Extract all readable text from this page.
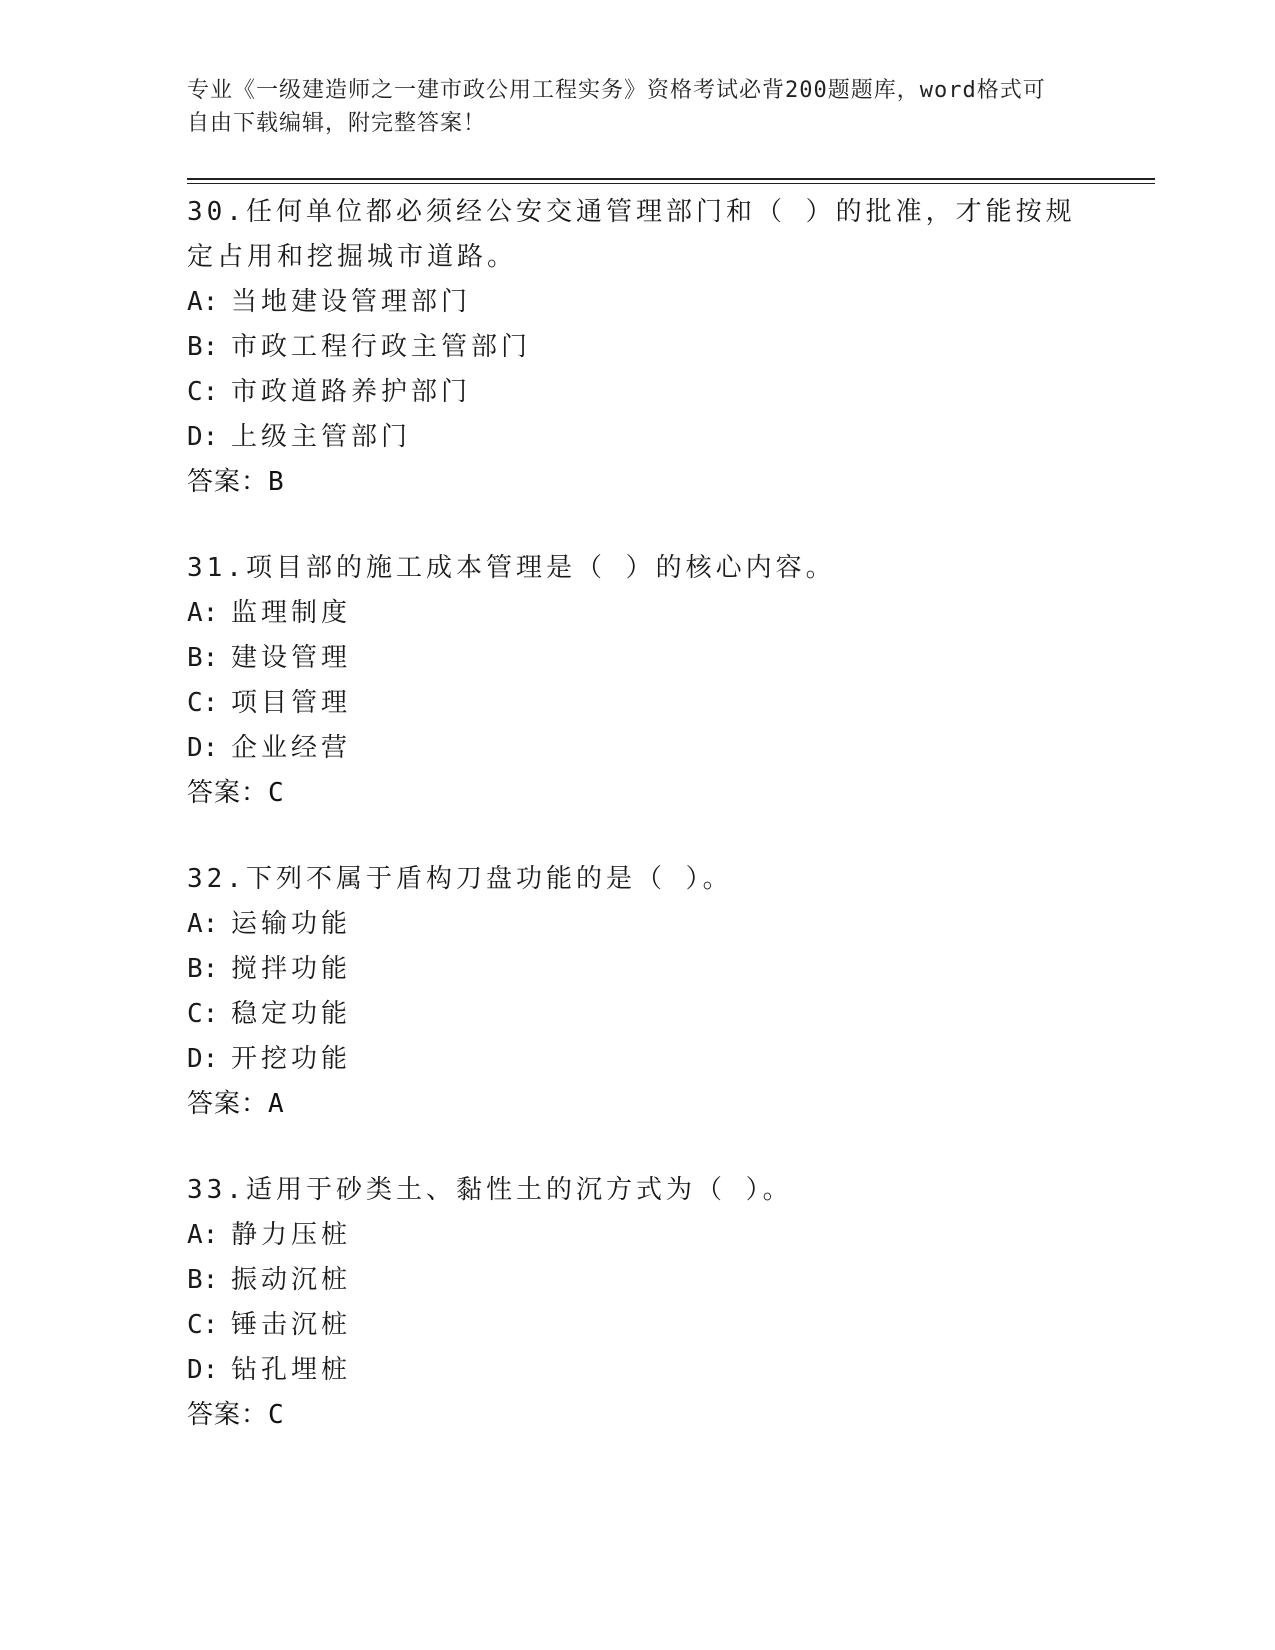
专业《一级建造师之一建市政公用工程实务》资格考试必背200题题库，word格式可自由下载编辑，附完整答案！
30.任何单位都必须经公安交通管理部门和（ ）的批准，才能按规定占用和挖掘城市道路。
A: 当地建设管理部门
B: 市政工程行政主管部门
C: 市政道路养护部门
D: 上级主管部门
答案：B
31.项目部的施工成本管理是（ ）的核心内容。
A: 监理制度
B: 建设管理
C: 项目管理
D: 企业经营
答案：C
32.下列不属于盾构刀盘功能的是（ ）。
A: 运输功能
B: 搅拌功能
C: 稳定功能
D: 开挖功能
答案：A
33.适用于砂类土、黏性土的沉方式为（ ）。
A: 静力压桩
B: 振动沉桩
C: 锤击沉桩
D: 钻孔埋桩
答案：C
